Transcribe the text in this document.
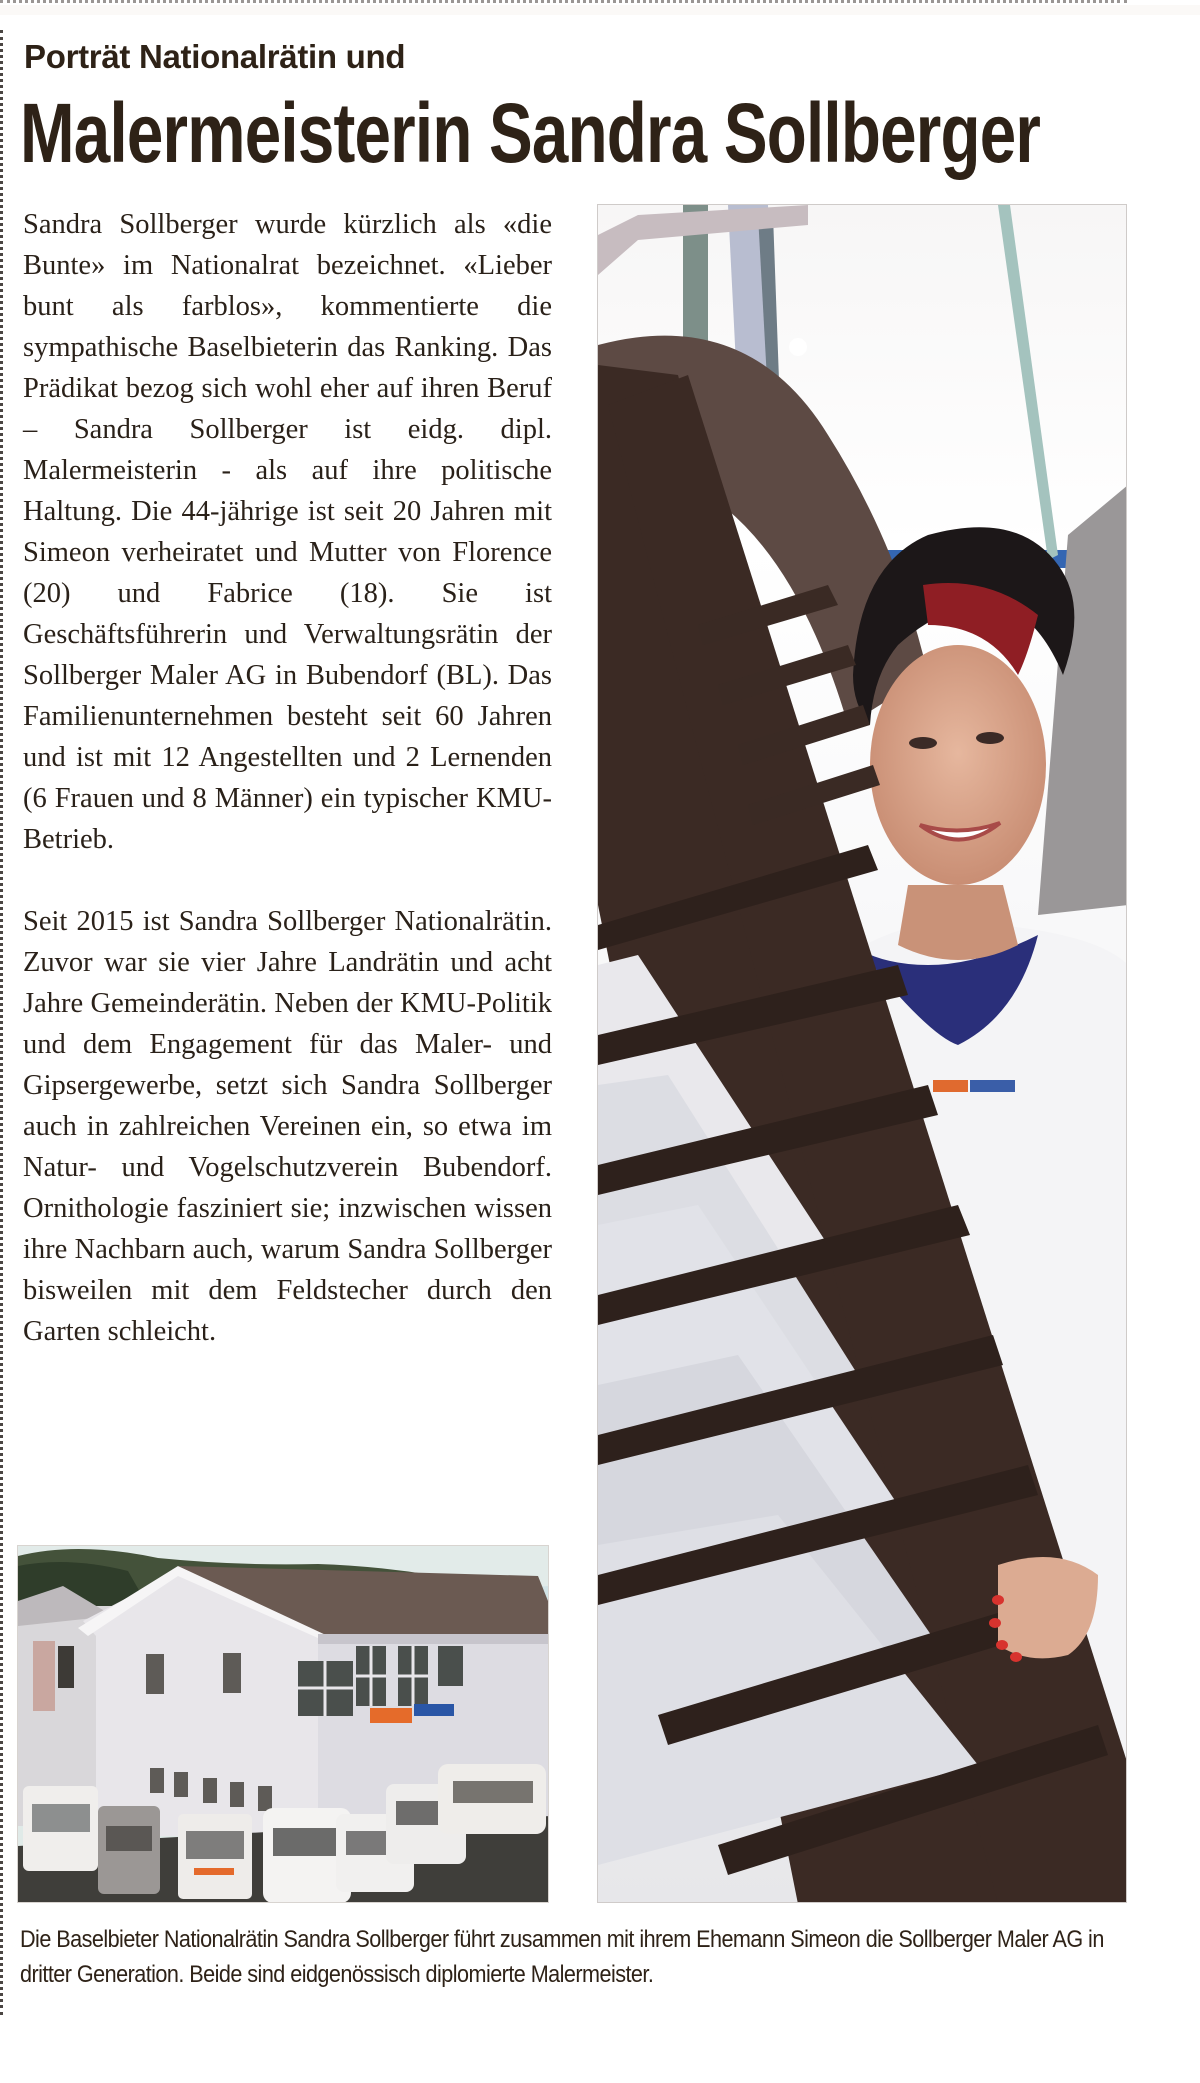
Porträt Nationalrätin und
Malermeisterin Sandra Sollberger

Sandra Sollberger wurde kürzlich als «die Bunte» im Nationalrat bezeichnet. «Lieber bunt als farblos», kommentierte die sympathische Baselbieterin das Ranking. Das Prädikat bezog sich wohl eher auf ihren Beruf – Sandra Sollberger ist eidg. dipl. Malermeisterin - als auf ihre politische Haltung. Die 44-jährige ist seit 20 Jahren mit Simeon verheiratet und Mutter von Florence (20) und Fabrice (18). Sie ist Geschäftsführerin und Verwaltungsrätin der Sollberger Maler AG in Bubendorf (BL). Das Familienunternehmen besteht seit 60 Jahren und ist mit 12 Angestellten und 2 Lernenden (6 Frauen und 8 Männer) ein typischer KMU-Betrieb.

Seit 2015 ist Sandra Sollberger Nationalrätin. Zuvor war sie vier Jahre Landrätin und acht Jahre Gemeinderätin. Neben der KMU-Politik und dem Engagement für das Maler- und Gipsergewerbe, setzt sich Sandra Sollberger auch in zahlreichen Vereinen ein, so etwa im Natur- und Vogelschutzverein Bubendorf. Ornithologie fasziniert sie; inzwischen wissen ihre Nachbarn auch, warum Sandra Sollberger bisweilen mit dem Feldstecher durch den Garten schleicht.

Die Baselbieter Nationalrätin Sandra Sollberger führt zusammen mit ihrem Ehemann Simeon die Sollberger Maler AG in dritter Generation. Beide sind eidgenössisch diplomierte Malermeister.
